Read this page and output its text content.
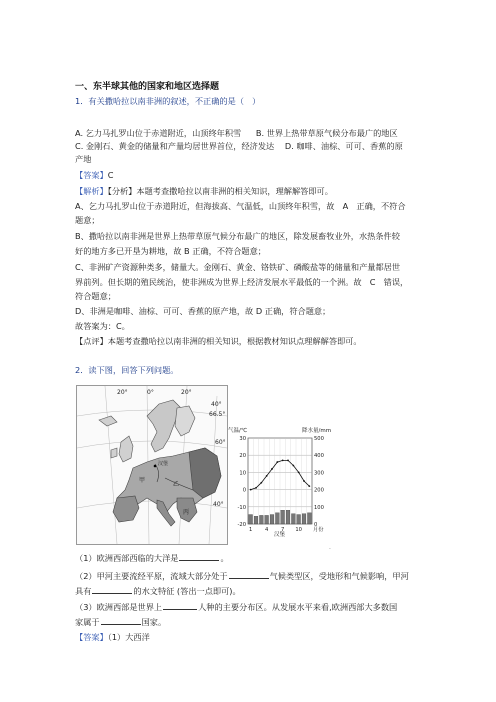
一、东半球其他的国家和地区选择题
1．有关撒哈拉以南非洲的叙述，不正确的是（　）
A. 乞力马扎罗山位于赤道附近，山顶终年积雪 B. 世界上热带草原气候分布最广的地区
C. 金刚石、黄金的储量和产量均居世界首位，经济发达 D. 咖啡、油棕、可可、香蕉的原
产地
【答案】C
【解析】【分析】本题考查撒哈拉以南非洲的相关知识，理解解答即可。
A、乞力马扎罗山位于赤道附近，但海拔高、气温低，山顶终年积雪，故　A　正确，不符合
题意；
B、撒哈拉以南非洲是世界上热带草原气候分布最广的地区，除发展畜牧业外，水热条件较
好的地方多已开垦为耕地，故 B 正确，不符合题意；
C、非洲矿产资源种类多，储量大。金刚石、黄金、铬铁矿、磷酸盐等的储量和产量都居世
界前列。但长期的殖民统治，使非洲成为世界上经济发展水平最低的一个洲。故　C　错误，
符合题意；
D、非洲是咖啡、油棕、可可、香蕉的原产地，故 D 正确，符合题意；
故答案为：C。
【点评】本题考查撒哈拉以南非洲的相关知识，根据教材知识点理解解答即可。
2．读下图，回答下列问题。
20°	0°	20°
40°
66.5°
60°
40°
甲
乙
丙
汉堡
气温/℃	降水量/mm
汉堡
30	500
20	400
10	300
0	200
-10	100
-20	0
1 4 7 10 月份
·
（1）欧洲西部西临的大洋是	。
（2）甲河主要流经平原，流域大部分处于	气候类型区，受地形和气候影响，甲河
具有	的水文特征 (答出一点即可)。
（3）欧洲西部是世界上	人种的主要分布区。从发展水平来看,欧洲西部大多数国
家属于	国家。
【答案】（1）大西洋
